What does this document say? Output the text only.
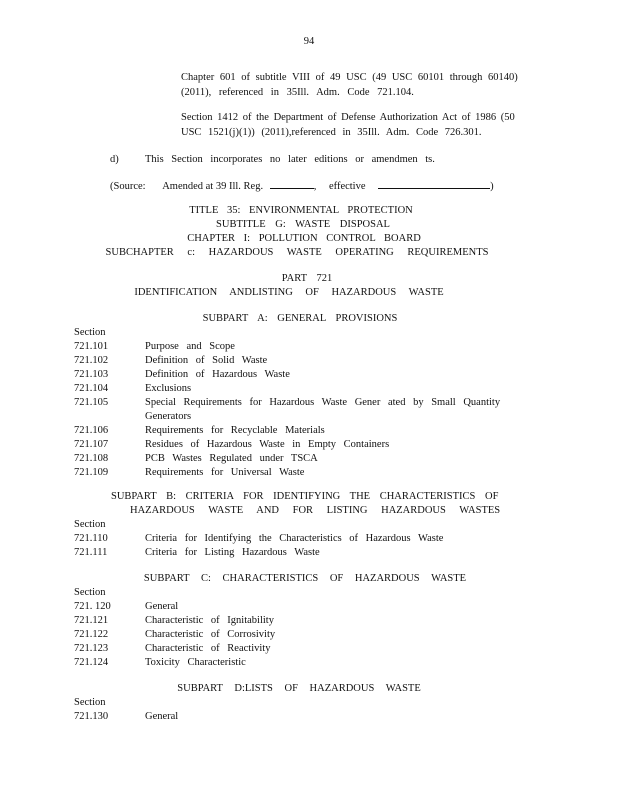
94
Chapter 601 of subtitle VIII of 49 USC (49 USC 60101 through 60140)
(2011), referenced in 35Ill. Adm. Code 721.104.
Section 1412 of the Department of Defense Authorization Act of 1986 (50
USC 1521(j)(1)) (2011),referenced in 35Ill. Adm. Code 726.301.
d)	This Section incorporates no later editions or amendmen ts.
(Source: Amended at 39 Ill. Reg.	, effective	)
TITLE 35: ENVIRONMENTAL PROTECTION
SUBTITLE G: WASTE DISPOSAL
CHAPTER I: POLLUTION CONTROL BOARD
SUBCHAPTER c: HAZARDOUS WASTE OPERATING REQUIREMENTS
PART 721
IDENTIFICATION ANDLISTING OF HAZARDOUS WASTE
SUBPART A: GENERAL PROVISIONS
Section
721.101	Purpose and Scope
721.102	Definition of Solid Waste
721.103	Definition of Hazardous Waste
721.104	Exclusions
721.105	Special Requirements for Hazardous Waste Gener ated by Small Quantity
Generators
721.106	Requirements for Recyclable Materials
721.107	Residues of Hazardous Waste in Empty Containers
721.108	PCB Wastes Regulated under TSCA
721.109	Requirements for Universal Waste
SUBPART B: CRITERIA FOR IDENTIFYING THE CHARACTERISTICS OF
HAZARDOUS WASTE AND FOR LISTING HAZARDOUS WASTES
Section
721.110	Criteria for Identifying the Characteristics of Hazardous Waste
721.111	Criteria for Listing Hazardous Waste
SUBPART C: CHARACTERISTICS OF HAZARDOUS WASTE
Section
721. 120	General
721.121	Characteristic of Ignitability
721.122	Characteristic of Corrosivity
721.123	Characteristic of Reactivity
721.124	Toxicity Characteristic
SUBPART D:LISTS OF HAZARDOUS WASTE
Section
721.130	General
